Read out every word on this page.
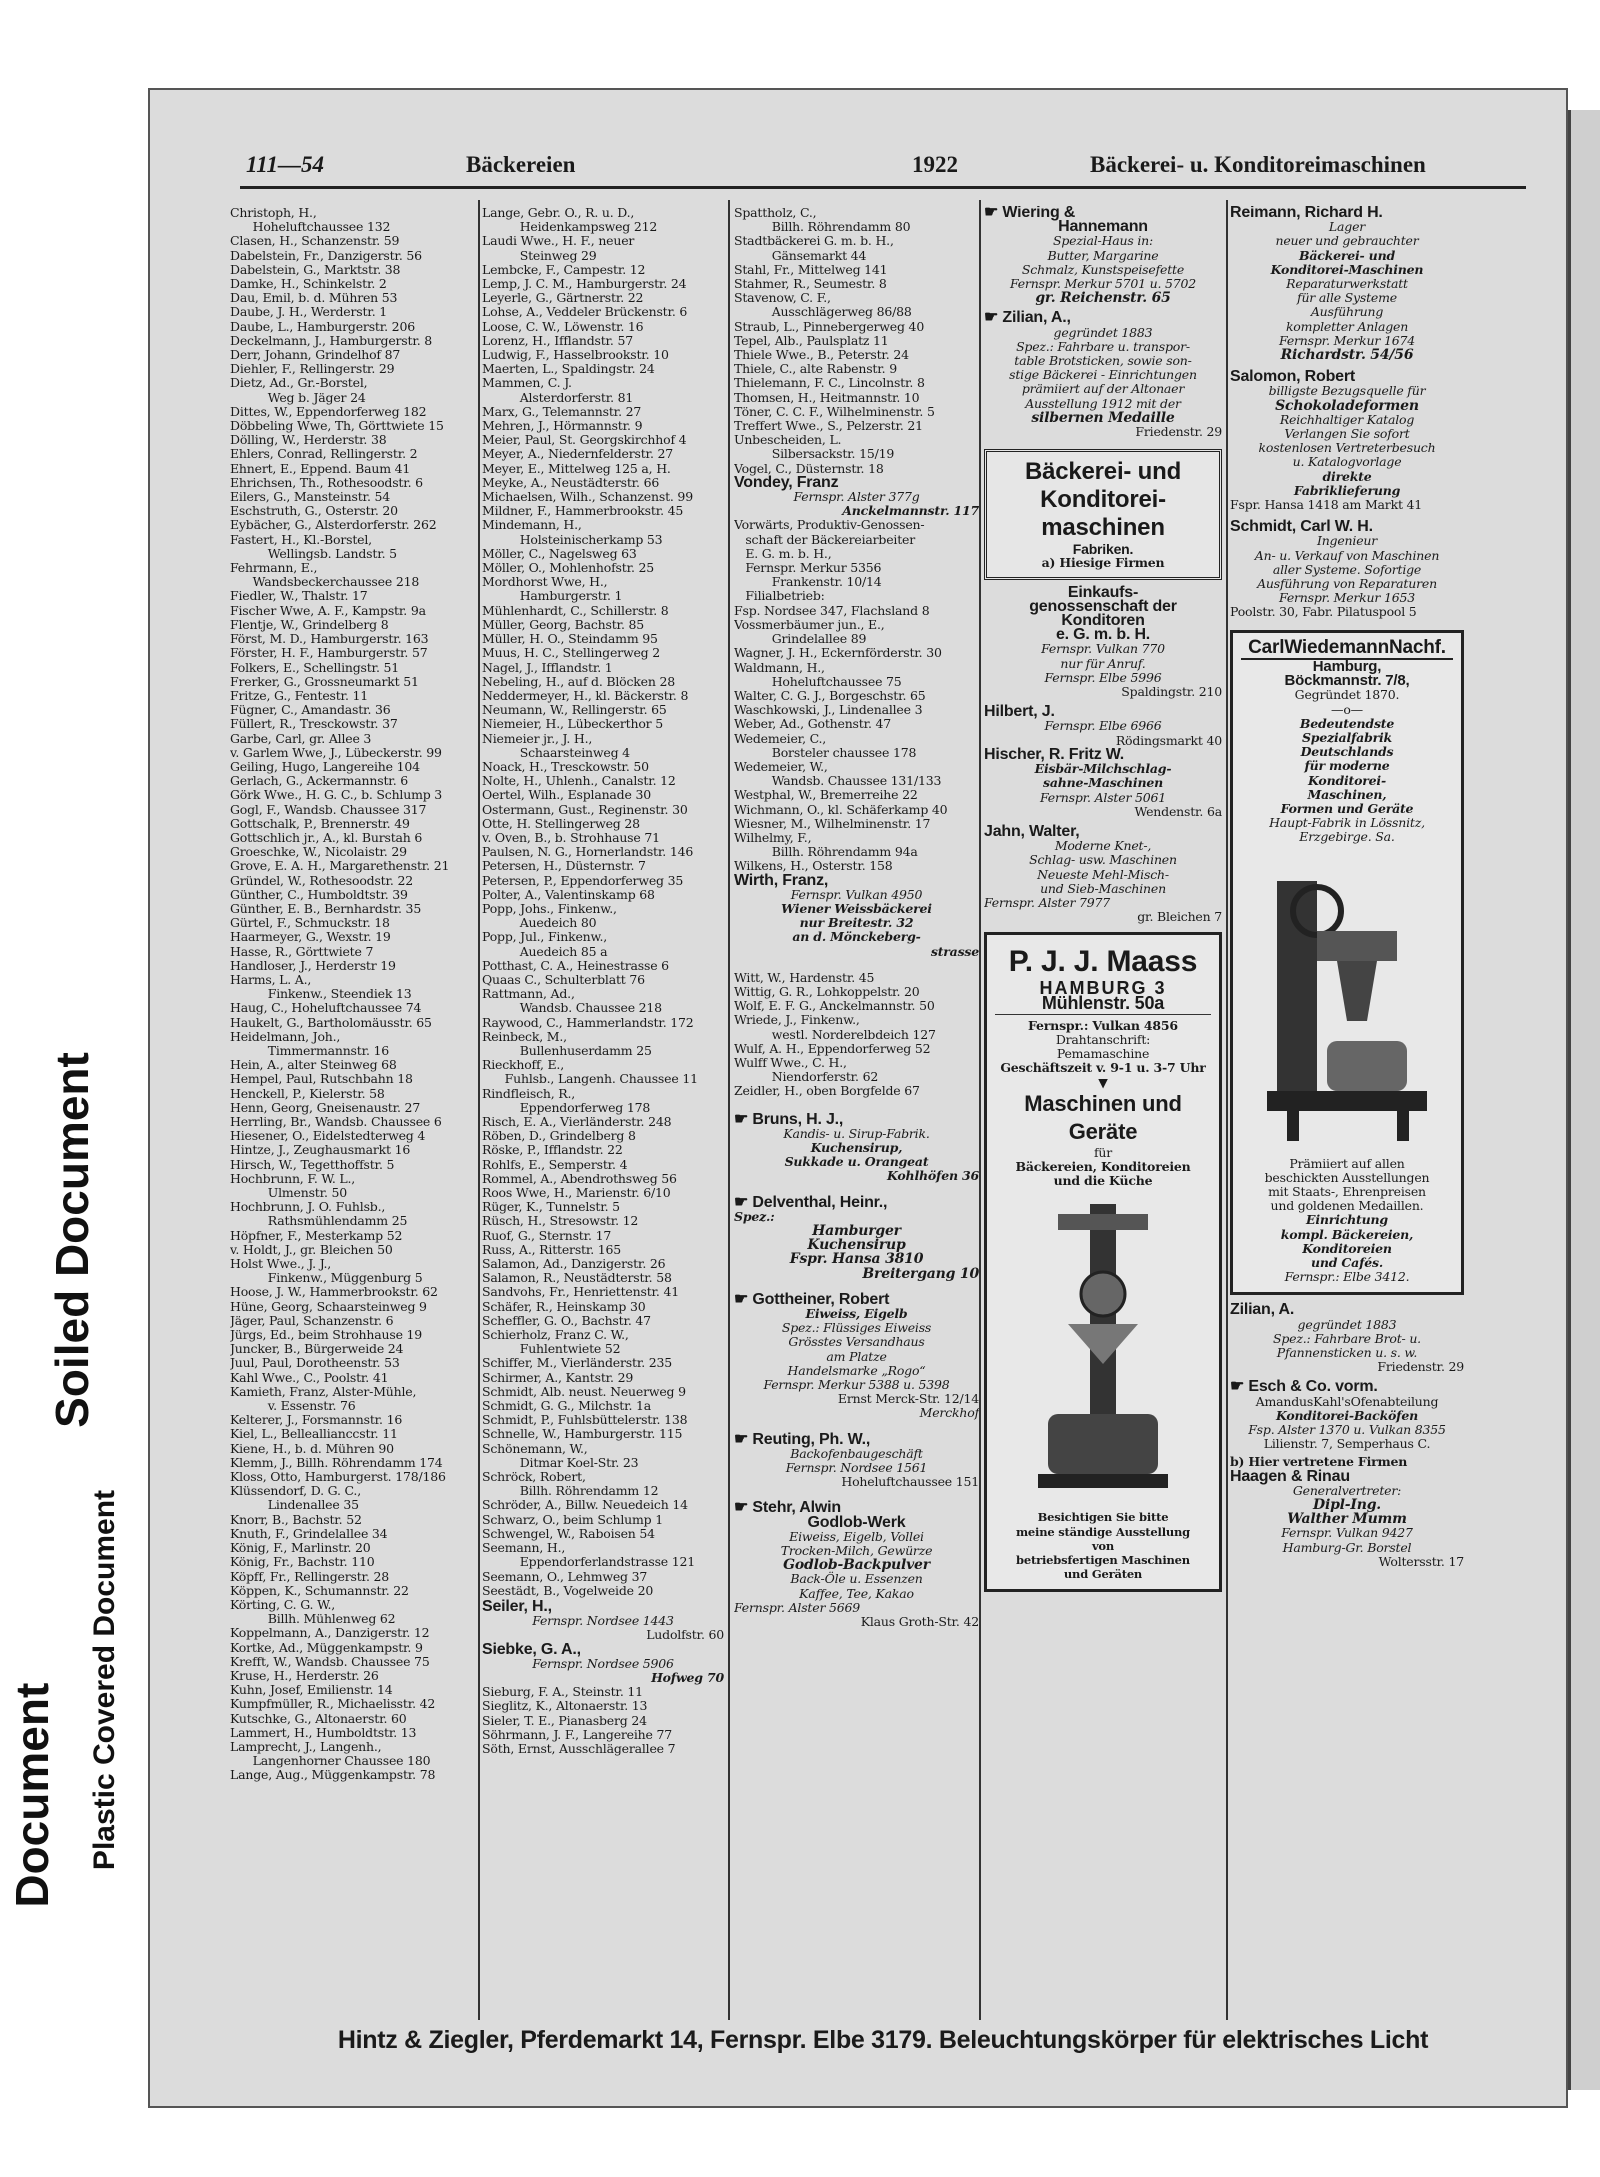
Soiled Document
Repaired Document
Plastic Covered Document
111—54	Bäckereien	1922	Bäckerei- u. Konditoreimaschinen
Christoph, H.,
Hoheluftchaussee 132
Clasen, H., Schanzenstr. 59
Dabelstein, Fr., Danzigerstr. 56
Dabelstein, G., Marktstr. 38
Damke, H., Schinkelstr. 2
Dau, Emil, b. d. Mühren 53
Daube, J. H., Werderstr. 1
Daube, L., Hamburgerstr. 206
Deckelmann, J., Hamburgerstr. 8
Derr, Johann, Grindelhof 87
Diehler, F., Rellingerstr. 29
Dietz, Ad., Gr.-Borstel,
Weg b. Jäger 24
Dittes, W., Eppendorferweg 182
Döbbeling Wwe, Th, Görttwiete 15
Dölling, W., Herderstr. 38
Ehlers, Conrad, Rellingerstr. 2
Ehnert, E., Eppend. Baum 41
Ehrichsen, Th., Rothesoodstr. 6
Eilers, G., Mansteinstr. 54
Eschstruth, G., Osterstr. 20
Eybächer, G., Alsterdorferstr. 262
Fastert, H., Kl.-Borstel,
Wellingsb. Landstr. 5
Fehrmann, E.,
Wandsbeckerchaussee 218
Fiedler, W., Thalstr. 17
Fischer Wwe, A. F., Kampstr. 9a
Flentje, W., Grindelberg 8
Först, M. D., Hamburgerstr. 163
Förster, H. F., Hamburgerstr. 57
Folkers, E., Schellingstr. 51
Frerker, G., Grossneumarkt 51
Fritze, G., Fentestr. 11
Fügner, C., Amandastr. 36
Füllert, R., Tresckowstr. 37
Garbe, Carl, gr. Allee 3
v. Garlem Wwe, J., Lübeckerstr. 99
Geiling, Hugo, Langereihe 104
Gerlach, G., Ackermannstr. 6
Görk Wwe., H. G. C., b. Schlump 3
Gogl, F., Wandsb. Chaussee 317
Gottschalk, P., Brennerstr. 49
Gottschlich jr., A., kl. Burstah 6
Groeschke, W., Nicolaistr. 29
Grove, E. A. H., Margarethenstr. 21
Gründel, W., Rothesoodstr. 22
Günther, C., Humboldtstr. 39
Günther, E. B., Bernhardstr. 35
Gürtel, F., Schmuckstr. 18
Haarmeyer, G., Wexstr. 19
Hasse, R., Görttwiete 7
Handloser, J., Herderstr 19
Harms, L. A.,
Finkenw., Steendiek 13
Haug, C., Hoheluftchaussee 74
Haukelt, G., Bartholomäusstr. 65
Heidelmann, Joh.,
Timmermannstr. 16
Hein, A., alter Steinweg 68
Hempel, Paul, Rutschbahn 18
Henckell, P., Kielerstr. 58
Henn, Georg, Gneisenaustr. 27
Herrling, Br., Wandsb. Chaussee 6
Hiesener, O., Eidelstedterweg 4
Hintze, J., Zeughausmarkt 16
Hirsch, W., Tegetthoffstr. 5
Hochbrunn, F. W. L.,
Ulmenstr. 50
Hochbrunn, J. O. Fuhlsb.,
Rathsmühlendamm 25
Höpfner, F., Mesterkamp 52
v. Holdt, J., gr. Bleichen 50
Holst Wwe., J. J.,
Finkenw., Müggenburg 5
Hoose, J. W., Hammerbrookstr. 62
Hüne, Georg, Schaarsteinweg 9
Jäger, Paul, Schanzenstr. 6
Jürgs, Ed., beim Strohhause 19
Juncker, B., Bürgerweide 24
Juul, Paul, Dorotheenstr. 53
Kahl Wwe., C., Poolstr. 41
Kamieth, Franz, Alster-Mühle,
v. Essenstr. 76
Kelterer, J., Forsmannstr. 16
Kiel, L., Belleallianccstr. 11
Kiene, H., b. d. Mühren 90
Klemm, J., Billh. Röhrendamm 174
Kloss, Otto, Hamburgerst. 178/186
Klüssendorf, D. G. C.,
Lindenallee 35
Knorr, B., Bachstr. 52
Knuth, F., Grindelallee 34
König, F., Marlinstr. 20
König, Fr., Bachstr. 110
Köpff, Fr., Rellingerstr. 28
Köppen, K., Schumannstr. 22
Körting, C. G. W.,
Billh. Mühlenweg 62
Koppelmann, A., Danzigerstr. 12
Kortke, Ad., Müggenkampstr. 9
Krefft, W., Wandsb. Chaussee 75
Kruse, H., Herderstr. 26
Kuhn, Josef, Emilienstr. 14
Kumpfmüller, R., Michaelisstr. 42
Kutschke, G., Altonaerstr. 60
Lammert, H., Humboldtstr. 13
Lamprecht, J., Langenh.,
Langenhorner Chaussee 180
Lange, Aug., Müggenkampstr. 78
Lange, Gebr. O., R. u. D.,
Heidenkampsweg 212
Laudi Wwe., H. F., neuer
Steinweg 29
Lembcke, F., Campestr. 12
Lemp, J. C. M., Hamburgerstr. 24
Leyerle, G., Gärtnerstr. 22
Lohse, A., Veddeler Brückenstr. 6
Loose, C. W., Löwenstr. 16
Lorenz, H., Ifflandstr. 57
Ludwig, F., Hasselbrookstr. 10
Maerten, L., Spaldingstr. 24
Mammen, C. J.
Alsterdorferstr. 81
Marx, G., Telemannstr. 27
Mehren, J., Hörmannstr. 9
Meier, Paul, St. Georgskirchhof 4
Meyer, A., Niedernfelderstr. 27
Meyer, E., Mittelweg 125 a, H.
Meyke, A., Neustädterstr. 66
Michaelsen, Wilh., Schanzenst. 99
Mildner, F., Hammerbrookstr. 45
Mindemann, H.,
Holsteinischerkamp 53
Möller, C., Nagelsweg 63
Möller, O., Mohlenhofstr. 25
Mordhorst Wwe, H.,
Hamburgerstr. 1
Mühlenhardt, C., Schillerstr. 8
Müller, Georg, Bachstr. 85
Müller, H. O., Steindamm 95
Muus, H. C., Stellingerweg 2
Nagel, J., Ifflandstr. 1
Nebeling, H., auf d. Blöcken 28
Neddermeyer, H., kl. Bäckerstr. 8
Neumann, W., Rellingerstr. 65
Niemeier, H., Lübeckerthor 5
Niemeier jr., J. H.,
Schaarsteinweg 4
Noack, H., Tresckowstr. 50
Nolte, H., Uhlenh., Canalstr. 12
Oertel, Wilh., Esplanade 30
Ostermann, Gust., Reginenstr. 30
Otte, H. Stellingerweg 28
v. Oven, B., b. Strohhause 71
Paulsen, N. G., Hornerlandstr. 146
Petersen, H., Düsternstr. 7
Petersen, P., Eppendorferweg 35
Polter, A., Valentinskamp 68
Popp, Johs., Finkenw.,
Auedeich 80
Popp, Jul., Finkenw.,
Auedeich 85 a
Potthast, C. A., Heinestrasse 6
Quaas C., Schulterblatt 76
Rattmann, Ad.,
Wandsb. Chaussee 218
Raywood, C., Hammerlandstr. 172
Reinbeck, M.,
Bullenhuserdamm 25
Rieckhoff, E.,
Fuhlsb., Langenh. Chaussee 11
Rindfleisch, R.,
Eppendorferweg 178
Risch, E. A., Vierländerstr. 248
Röben, D., Grindelberg 8
Röske, P., Ifflandstr. 22
Rohlfs, E., Semperstr. 4
Rommel, A., Abendrothsweg 56
Roos Wwe, H., Marienstr. 6/10
Rüger, K., Tunnelstr. 5
Rüsch, H., Stresowstr. 12
Ruof, G., Sternstr. 17
Russ, A., Ritterstr. 165
Salamon, Ad., Danzigerstr. 26
Salamon, R., Neustädterstr. 58
Sandvohs, Fr., Henriettenstr. 41
Schäfer, R., Heinskamp 30
Scheffler, G. O., Bachstr. 47
Schierholz, Franz C. W.,
Fuhlentwiete 52
Schiffer, M., Vierländerstr. 235
Schirmer, A., Kantstr. 29
Schmidt, Alb. neust. Neuerweg 9
Schmidt, G. G., Milchstr. 1a
Schmidt, P., Fuhlsbüttelerstr. 138
Schnelle, W., Hamburgerstr. 115
Schönemann, W.,
Ditmar Koel-Str. 23
Schröck, Robert,
Billh. Röhrendamm 12
Schröder, A., Billw. Neuedeich 14
Schwarz, O., beim Schlump 1
Schwengel, W., Raboisen 54
Seemann, H.,
Eppendorferlandstrasse 121
Seemann, O., Lehmweg 37
Seestädt, B., Vogelweide 20
Seiler, H.,
Fernspr. Nordsee 1443
Ludolfstr. 60
Siebke, G. A.,
Fernspr. Nordsee 5906
Hofweg 70
Sieburg, F. A., Steinstr. 11
Sieglitz, K., Altonaerstr. 13
Sieler, T. E., Pianasberg 24
Söhrmann, J. F., Langereihe 77
Söth, Ernst, Ausschlägerallee 7
Spattholz, C.,
Billh. Röhrendamm 80
Stadtbäckerei G. m. b. H.,
Gänsemarkt 44
Stahl, Fr., Mittelweg 141
Stahmer, R., Seumestr. 8
Stavenow, C. F.,
Ausschlägerweg 86/88
Straub, L., Pinnebergerweg 40
Tepel, Alb., Paulsplatz 11
Thiele Wwe., B., Peterstr. 24
Thiele, C., alte Rabenstr. 9
Thielemann, F. C., Lincolnstr. 8
Thomsen, H., Heitmannstr. 10
Töner, C. C. F., Wilhelminenstr. 5
Treffert Wwe., S., Pelzerstr. 21
Unbescheiden, L.
Silbersackstr. 15/19
Vogel, C., Düsternstr. 18
Vondey, Franz
Fernspr. Alster 377g
Anckelmannstr. 117
Vorwärts, Produktiv-Genossen-
schaft der Bäckereiarbeiter
E. G. m. b. H.,
Fernspr. Merkur 5356
Frankenstr. 10/14
Filialbetrieb:
Fsp. Nordsee 347, Flachsland 8
Vossmerbäumer jun., E.,
Grindelallee 89
Wagner, J. H., Eckernförderstr. 30
Waldmann, H.,
Hoheluftchaussee 75
Walter, C. G. J., Borgeschstr. 65
Waschkowski, J., Lindenallee 3
Weber, Ad., Gothenstr. 47
Wedemeier, C.,
Borsteler chaussee 178
Wedemeier, W.,
Wandsb. Chaussee 131/133
Westphal, W., Bremerreihe 22
Wichmann, O., kl. Schäferkamp 40
Wiesner, M., Wilhelminenstr. 17
Wilhelmy, F.,
Billh. Röhrendamm 94a
Wilkens, H., Osterstr. 158
Wirth, Franz,
Fernspr. Vulkan 4950
Wiener Weissbäckerei
nur Breitestr. 32
an d. Mönckeberg-
strasse
Witt, W., Hardenstr. 45
Wittig, G. R., Lohkoppelstr. 20
Wolf, E. F. G., Anckelmannstr. 50
Wriede, J., Finkenw.,
westl. Norderelbdeich 127
Wulf, A. H., Eppendorferweg 52
Wulff Wwe., C. H.,
Niendorferstr. 62
Zeidler, H., oben Borgfelde 67
☛ Bruns, H. J.,
Kandis- u. Sirup-Fabrik.
Kuchensirup,
Sukkade u. Orangeat
Kohlhöfen 36
☛ Delventhal, Heinr.,
Spez.:
Hamburger
Kuchensirup
Fspr. Hansa 3810
Breitergang 10
☛ Gottheiner, Robert
Eiweiss, Eigelb
Spez.: Flüssiges Eiweiss
Grösstes Versandhaus
am Platze
Handelsmarke „Rogo“
Fernspr. Merkur 5388 u. 5398
Ernst Merck-Str. 12/14
Merckhof
☛ Reuting, Ph. W.,
Backofenbaugeschäft
Fernspr. Nordsee 1561
Hoheluftchaussee 151
☛ Stehr, Alwin
Godlob-Werk
Eiweiss, Eigelb, Vollei
Trocken-Milch, Gewürze
Godlob-Backpulver
Back-Öle u. Essenzen
Kaffee, Tee, Kakao
Fernspr. Alster 5669
Klaus Groth-Str. 42
☛ Wiering &
Hannemann
Spezial-Haus in:
Butter, Margarine
Schmalz, Kunstspeisefette
Fernspr. Merkur 5701 u. 5702
gr. Reichenstr. 65
☛ Zilian, A.,
gegründet 1883
Spez.: Fahrbare u. transpor-
table Brotsticken, sowie son-
stige Bäckerei - Einrichtungen
prämiiert auf der Altonaer
Ausstellung 1912 mit der
silbernen Medaille
Friedenstr. 29
Bäckerei- und
Konditorei-
maschinen
Fabriken.
a) Hiesige Firmen
Einkaufs-
genossenschaft der
Konditoren
e. G. m. b. H.
Fernspr. Vulkan 770
nur für Anruf.
Fernspr. Elbe 5996
Spaldingstr. 210
Hilbert, J.
Fernspr. Elbe 6966
Rödingsmarkt 40
Hischer, R. Fritz W.
Eisbär-Milchschlag-
sahne-Maschinen
Fernspr. Alster 5061
Wendenstr. 6a
Jahn, Walter,
Moderne Knet-,
Schlag- usw. Maschinen
Neueste Mehl-Misch-
und Sieb-Maschinen
Fernspr. Alster 7977
gr. Bleichen 7
P. J. J. Maass
HAMBURG 3
Mühlenstr. 50a
Fernspr.: Vulkan 4856
Drahtanschrift:
Pemamaschine
Geschäftszeit v. 9-1 u. 3-7 Uhr
▼
Maschinen und Geräte
für
Bäckereien, Konditoreien
und die Küche
Besichtigen Sie bitte
meine ständige Ausstellung
von
betriebsfertigen Maschinen
und Geräten
Reimann, Richard H.
Lager
neuer und gebrauchter
Bäckerei- und
Konditorei-Maschinen
Reparaturwerkstatt
für alle Systeme
Ausführung
kompletter Anlagen
Fernspr. Merkur 1674
Richardstr. 54/56
Salomon, Robert
billigste Bezugsquelle für
Schokoladeformen
Reichhaltiger Katalog
Verlangen Sie sofort
kostenlosen Vertreterbesuch
u. Katalogvorlage
direkte
Fabriklieferung
Fspr. Hansa 1418 am Markt 41
Schmidt, Carl W. H.
Ingenieur
An- u. Verkauf von Maschinen
aller Systeme. Sofortige
Ausführung von Reparaturen
Fernspr. Merkur 1653
Poolstr. 30, Fabr. Pilatuspool 5
CarlWiedemannNachf.
Hamburg,
Böckmannstr. 7/8,
Gegründet 1870.
—o—
Bedeutendste
Spezialfabrik
Deutschlands
für moderne
Konditorei-
Maschinen,
Formen und Geräte
Haupt-Fabrik in Lössnitz,
Erzgebirge. Sa.
Prämiiert auf allen
beschickten Ausstellungen
mit Staats-, Ehrenpreisen
und goldenen Medaillen.
Einrichtung
kompl. Bäckereien,
Konditoreien
und Cafés.
Fernspr.: Elbe 3412.
Zilian, A.
gegründet 1883
Spez.: Fahrbare Brot- u.
Pfannensticken u. s. w.
Friedenstr. 29
☛ Esch & Co. vorm.
AmandusKahl'sOfenabteilung
Konditorei-Backöfen
Fsp. Alster 1370 u. Vulkan 8355
Lilienstr. 7, Semperhaus C.
b) Hier vertretene Firmen
Haagen & Rinau
Generalvertreter:
Dipl-Ing.
Walther Mumm
Fernspr. Vulkan 9427
Hamburg-Gr. Borstel
Woltersstr. 17
Hintz & Ziegler, Pferdemarkt 14, Fernspr. Elbe 3179. Beleuchtungskörper für elektrisches Licht
